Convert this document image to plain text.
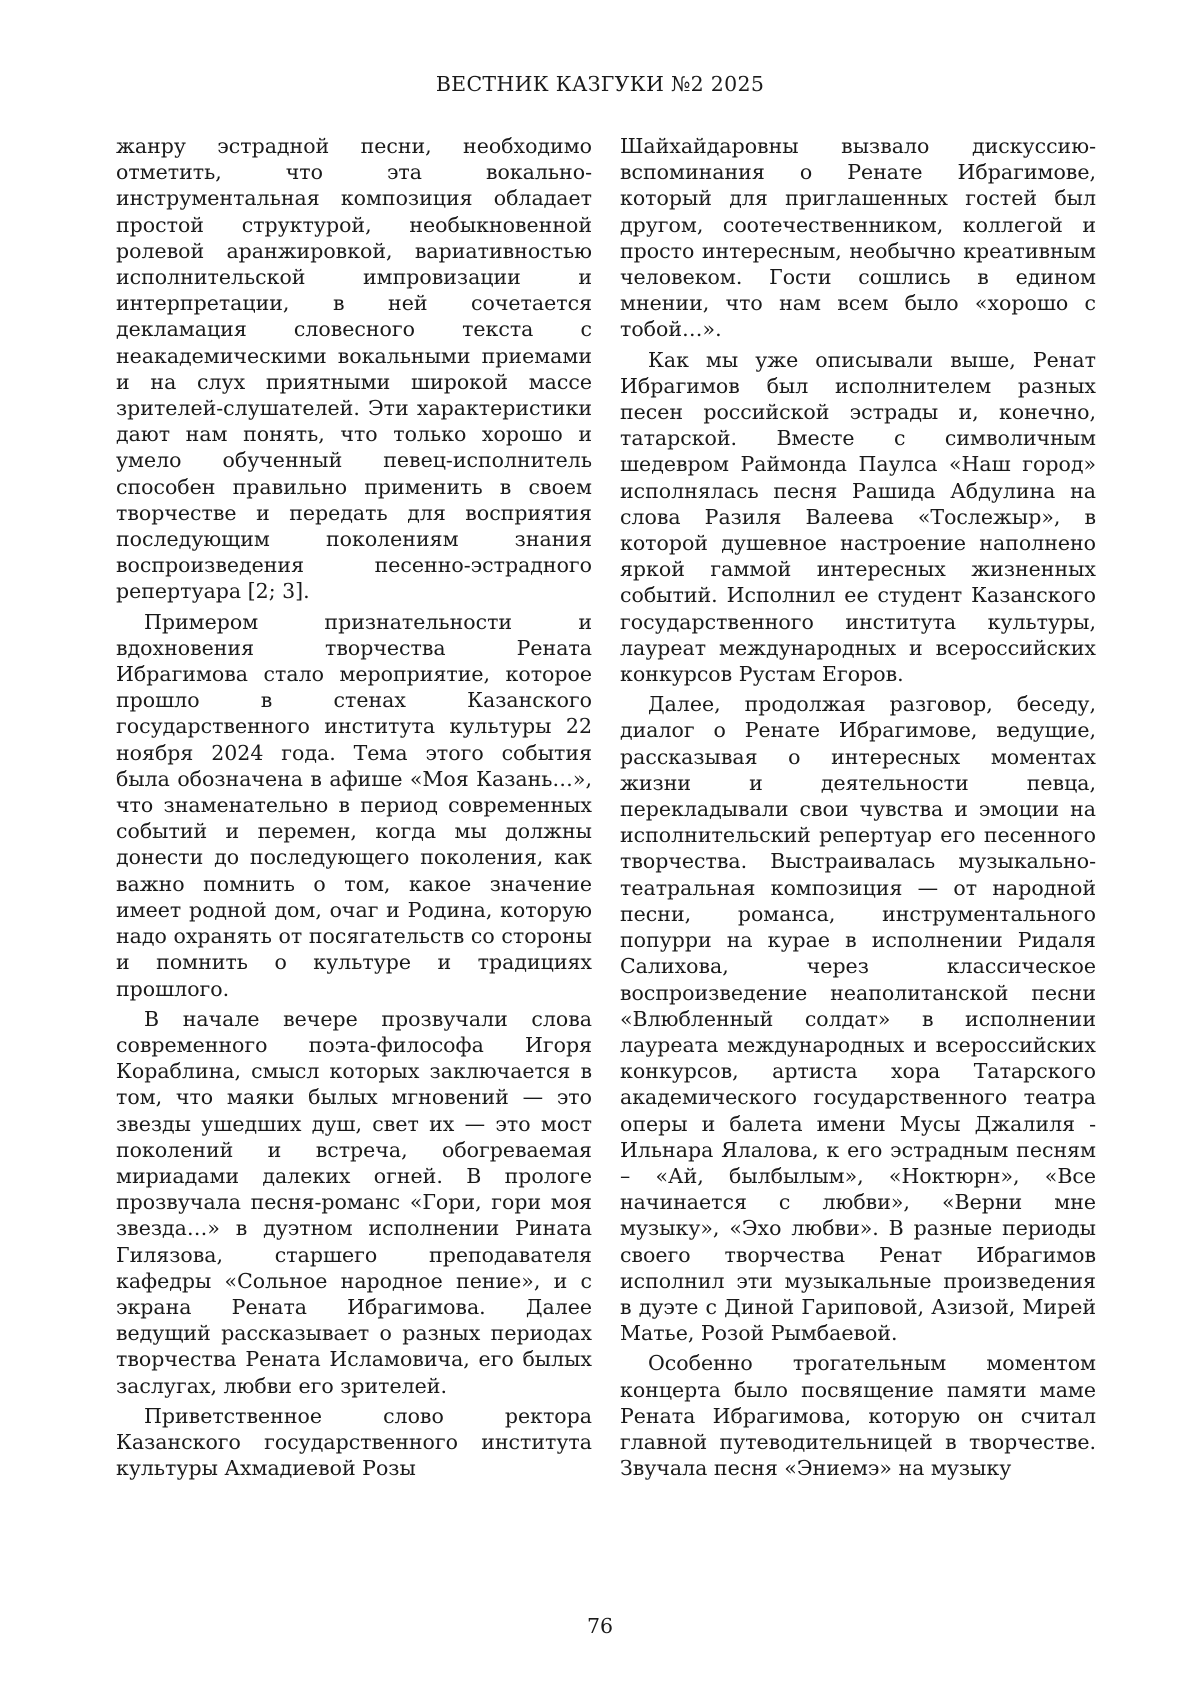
ВЕСТНИК КАЗГУКИ №2 2025

жанру эстрадной песни, необходимо отметить, что эта вокально-инструментальная композиция обладает простой структурой, необыкновенной ролевой аранжировкой, вариативностью исполнительской импровизации и интерпретации, в ней сочетается декламация словесного текста с неакадемическими вокальными приемами и на слух приятными широкой массе зрителей-слушателей. Эти характеристики дают нам понять, что только хорошо и умело обученный певец-исполнитель способен правильно применить в своем творчестве и передать для восприятия последующим поколениям знания воспроизведения песенно-эстрадного репертуара [2; 3].

Примером признательности и вдохновения творчества Рената Ибрагимова стало мероприятие, которое прошло в стенах Казанского государственного института культуры 22 ноября 2024 года. Тема этого события была обозначена в афише «Моя Казань…», что знаменательно в период современных событий и перемен, когда мы должны донести до последующего поколения, как важно помнить о том, какое значение имеет родной дом, очаг и Родина, которую надо охранять от посягательств со стороны и помнить о культуре и традициях прошлого.

В начале вечере прозвучали слова современного поэта-философа Игоря Кораблина, смысл которых заключается в том, что маяки былых мгновений — это звезды ушедших душ, свет их — это мост поколений и встреча, обогреваемая мириадами далеких огней. В прологе прозвучала песня-романс «Гори, гори моя звезда…» в дуэтном исполнении Рината Гилязова, старшего преподавателя кафедры «Сольное народное пение», и с экрана Рената Ибрагимова. Далее ведущий рассказывает о разных периодах творчества Рената Исламовича, его былых заслугах, любви его зрителей.

Приветственное слово ректора Казанского государственного института культуры Ахмадиевой Розы

Шайхайдаровны вызвало дискуссию-вспоминания о Ренате Ибрагимове, который для приглашенных гостей был другом, соотечественником, коллегой и просто интересным, необычно креативным человеком. Гости сошлись в едином мнении, что нам всем было «хорошо с тобой…».

Как мы уже описывали выше, Ренат Ибрагимов был исполнителем разных песен российской эстрады и, конечно, татарской. Вместе с символичным шедевром Раймонда Паулса «Наш город» исполнялась песня Рашида Абдулина на слова Разиля Валеева «Тослежыр», в которой душевное настроение наполнено яркой гаммой интересных жизненных событий. Исполнил ее студент Казанского государственного института культуры, лауреат международных и всероссийских конкурсов Рустам Егоров.

Далее, продолжая разговор, беседу, диалог о Ренате Ибрагимове, ведущие, рассказывая о интересных моментах жизни и деятельности певца, перекладывали свои чувства и эмоции на исполнительский репертуар его песенного творчества. Выстраивалась музыкально-театральная композиция — от народной песни, романса, инструментального попурри на курае в исполнении Ридаля Салихова, через классическое воспроизведение неаполитанской песни «Влюбленный солдат» в исполнении лауреата международных и всероссийских конкурсов, артиста хора Татарского академического государственного театра оперы и балета имени Мусы Джалиля - Ильнара Ялалова, к его эстрадным песням – «Ай, былбылым», «Ноктюрн», «Все начинается с любви», «Верни мне музыку», «Эхо любви». В разные периоды своего творчества Ренат Ибрагимов исполнил эти музыкальные произведения в дуэте с Диной Гариповой, Азизой, Мирей Матье, Розой Рымбаевой.

Особенно трогательным моментом концерта было посвящение памяти маме Рената Ибрагимова, которую он считал главной путеводительницей в творчестве. Звучала песня «Эниемэ» на музыку

76
